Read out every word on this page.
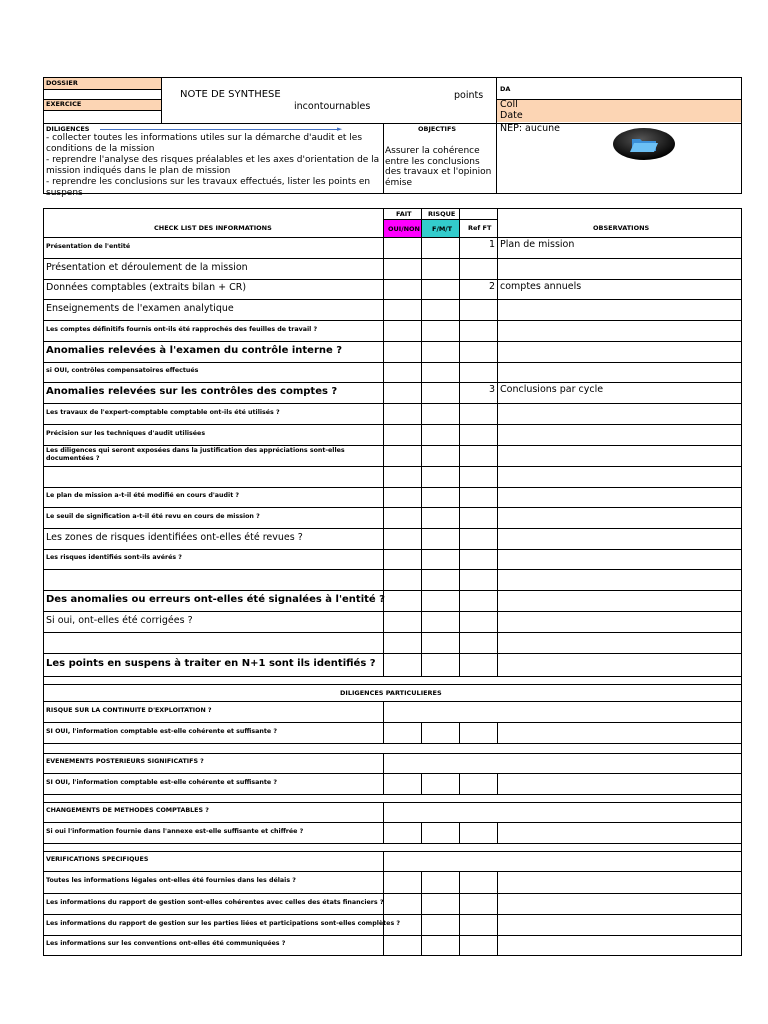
DOSSIER
EXERCICE
NOTE DE SYNTHESE	points
incontournables
DA
Coll
Date
DILIGENCES	►
- collecter toutes les informations utiles sur la démarche d'audit et les conditions de la mission
- reprendre l'analyse des risques préalables et les axes d'orientation de la mission indiqués dans le plan de mission
- reprendre les conclusions sur les travaux effectués, lister les points en suspens
OBJECTIFS
Assurer la cohérence entre les conclusions des travaux et l'opinion émise
NEP: aucune
FAIT	RISQUE
CHECK LIST DES INFORMATIONS	OUI/NON F/M/T Ref FT	OBSERVATIONS
Présentation de l'entité	1 Plan de mission
Présentation et déroulement de la mission
Données comptables (extraits bilan + CR)	2 comptes annuels
Enseignements de l'examen analytique
Les comptes définitifs fournis ont-ils été rapprochés des feuilles de travail ?
Anomalies relevées à l'examen du contrôle interne ?
si OUI, contrôles compensatoires effectués
Anomalies relevées sur les contrôles des comptes ?	3 Conclusions par cycle
Les travaux de l'expert-comptable comptable ont-ils été utilisés ?
Précision sur les techniques d'audit utilisées
Les diligences qui seront exposées dans la justification des appréciations sont-elles documentées ?
Le plan de mission a-t-il été modifié en cours d'audit ?
Le seuil de signification a-t-il été revu en cours de mission ?
Les zones de risques identifiées ont-elles été revues ?
Les risques identifiés sont-ils avérés ?
Des anomalies ou erreurs ont-elles été signalées à l'entité ?
Si oui, ont-elles été corrigées ?
Les points en suspens à traiter en N+1 sont ils identifiés ?
DILIGENCES PARTICULIERES
RISQUE SUR LA CONTINUITE D'EXPLOITATION ?
SI OUI, l'information comptable est-elle cohérente et suffisante ?
EVENEMENTS POSTERIEURS SIGNIFICATIFS ?
SI OUI, l'information comptable est-elle cohérente et suffisante ?
CHANGEMENTS DE METHODES COMPTABLES ?
Si oui l'information fournie dans l'annexe est-elle suffisante et chiffrée ?
VERIFICATIONS SPECIFIQUES
Toutes les informations légales ont-elles été fournies dans les délais ?
Les informations du rapport de gestion sont-elles cohérentes avec celles des états financiers ?
Les informations du rapport de gestion sur les parties liées et participations sont-elles complètes ?
Les informations sur les conventions ont-elles été communiquées ?
